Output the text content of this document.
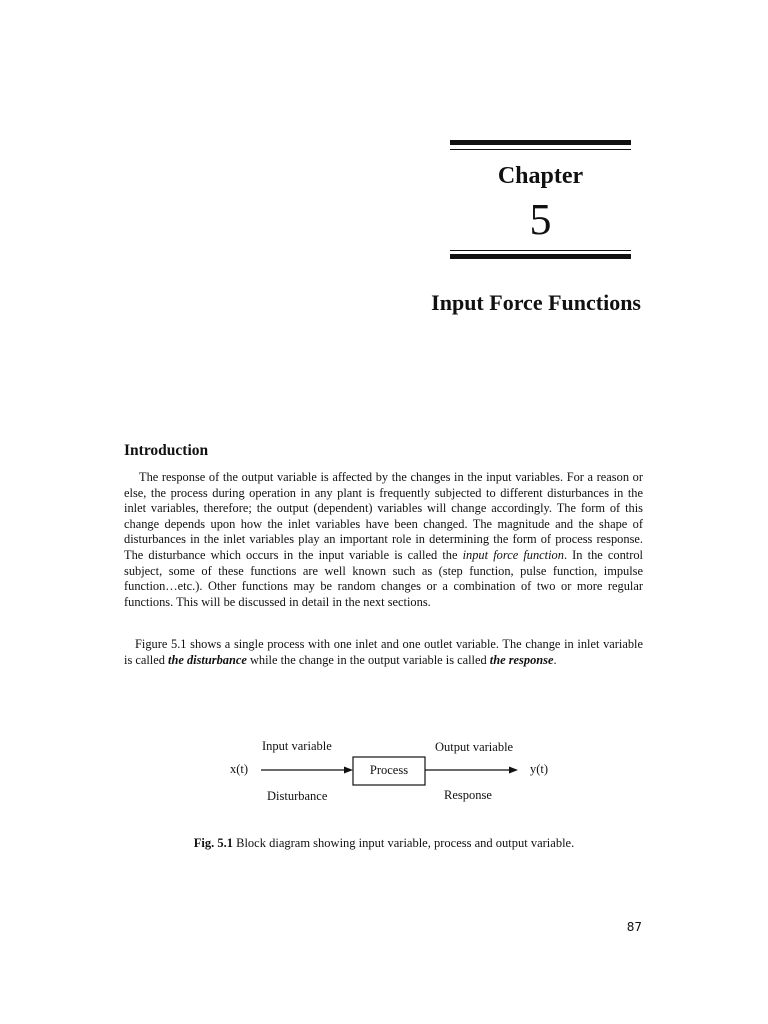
Chapter
5
Input Force Functions
Introduction

The response of the output variable is affected by the changes in the input variables. For a reason or else, the process during operation in any plant is frequently subjected to different disturbances in the inlet variables, therefore; the output (dependent) variables will change accordingly. The form of this change depends upon how the inlet variables have been changed. The magnitude and the shape of disturbances in the inlet variables play an important role in determining the form of process response. The disturbance which occurs in the input variable is called the input force function. In the control subject, some of these functions are well known such as (step function, pulse function, impulse function…etc.). Other functions may be random changes or a combination of two or more regular functions. This will be discussed in detail in the next sections.

Figure 5.1 shows a single process with one inlet and one outlet variable. The change in inlet variable is called the disturbance while the change in the output variable is called the response.

Input variable	Output variable
x(t)	y(t)
Process
Disturbance	Response
Fig. 5.1 Block diagram showing input variable, process and output variable.
87
